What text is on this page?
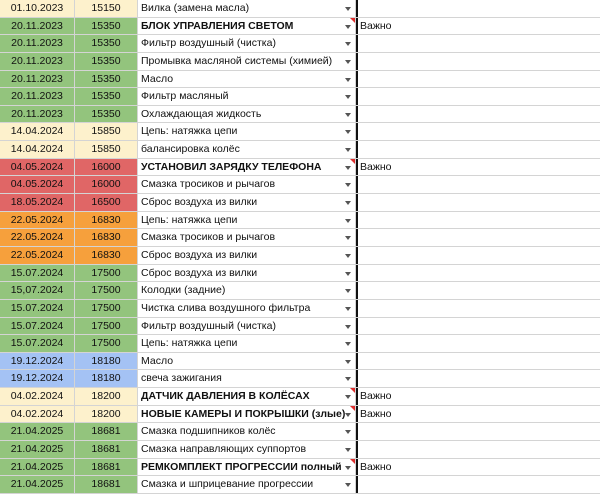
01.10.2023	15150	Вилка (замена масла)
20.11.2023	15350	БЛОК УПРАВЛЕНИЯ СВЕТОМ	Важно
20.11.2023	15350	Фильтр воздушный (чистка)
20.11.2023	15350	Промывка масляной системы (химией)
20.11.2023	15350	Масло
20.11.2023	15350	Фильтр масляный
20.11.2023	15350	Охлаждающая жидкость
14.04.2024	15850	Цепь: натяжка цепи
14.04.2024	15850	балансировка колёс
04.05.2024	16000	УСТАНОВИЛ ЗАРЯДКУ ТЕЛЕФОНА	Важно
04.05.2024	16000	Смазка тросиков и рычагов
18.05.2024	16500	Сброс воздуха из вилки
22.05.2024	16830	Цепь: натяжка цепи
22.05.2024	16830	Смазка тросиков и рычагов
22.05.2024	16830	Сброс воздуха из вилки
15.07.2024	17500	Сброс воздуха из вилки
15,07.2024	17500	Колодки (задние)
15.07.2024	17500	Чистка слива воздушного фильтра
15.07.2024	17500	Фильтр воздушный (чистка)
15.07.2024	17500	Цепь: натяжка цепи
19.12.2024	18180	Масло
19.12.2024	18180	свеча зажигания
04.02.2024	18200	ДАТЧИК ДАВЛЕНИЯ В КОЛЁСАХ	Важно
04.02.2024	18200	НОВЫЕ КАМЕРЫ И ПОКРЫШКИ (злые)	Важно
21.04.2025	18681	Смазка подшипников колёс
21.04.2025	18681	Смазка направляющих суппортов
21.04.2025	18681	РЕМКОМПЛЕКТ ПРОГРЕССИИ полный	Важно
21.04.2025	18681	Смазка и шприцевание прогрессии
